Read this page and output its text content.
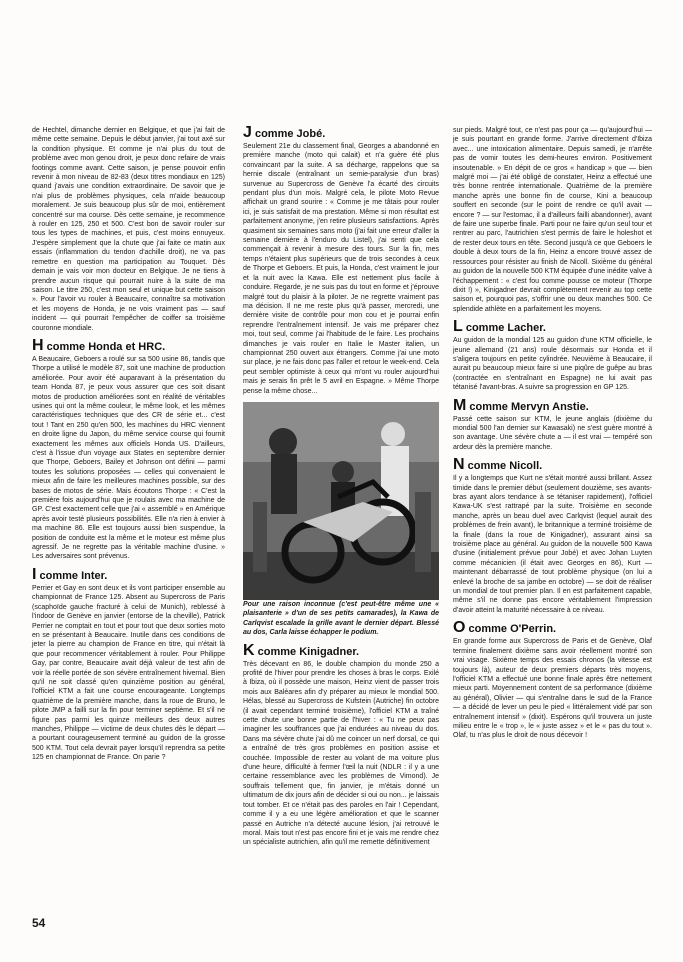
de Hechtel, dimanche dernier en Belgique, et que j'ai fait de même cette semaine. Depuis le début janvier, j'ai tout axé sur la condition physique. Et comme je n'ai plus du tout de problème avec mon genou droit, je peux donc refaire de vrais footings comme avant. Cette saison, je pense pouvoir enfin revenir à mon niveau de 82-83 (deux titres mondiaux en 125) quand j'avais une condition extraordinaire. De savoir que je n'ai plus de problèmes physiques, cela m'aide beaucoup moralement. Je suis beaucoup plus sûr de moi, entièrement concentré sur ma course. Dès cette semaine, je recommence à rouler en 125, 250 et 500. C'est bon de savoir rouler sur tous les types de machines, et puis, c'est moins ennuyeux. J'espère simplement que la chute que j'ai faite ce matin aux essais (inflammation du tendon d'achille droit), ne va pas remettre en question ma participation au Touquet. Dès demain je vais voir mon docteur en Belgique. Je ne tiens à prendre aucun risque qui pourrait nuire à la suite de ma saison. Le titre 250, c'est mon seul et unique but cette saison ». Pour l'avoir vu rouler à Beaucaire, connaître sa motivation et les moyens de Honda, je ne vois vraiment pas — sauf incident — qui pourrait l'empêcher de coiffer sa troisième couronne mondiale.

H comme Honda et HRC.

A Beaucaire, Geboers a roulé sur sa 500 usine 86, tandis que Thorpe a utilisé le modèle 87, soit une machine de production améliorée. Pour avoir été auparavant à la présentation du team Honda 87, je peux vous assurer que ces soit disant motos de production améliorées sont en réalité de véritables usines qui ont la même couleur, le même look, et les mêmes caractéristiques techniques que des CR de série et... c'est tout ! Tant en 250 qu'en 500, les machines du HRC viennent en droite ligne du Japon, du même service course qui fournit exactement les mêmes aux officiels Honda US. D'ailleurs, c'est à l'issue d'un voyage aux States en septembre dernier que Thorpe, Geboers, Bailey et Johnson ont défini — parmi toutes les solutions proposées — celles qui convenaient le mieux afin de faire les meilleures machines possible, sur des bases de motos de série. Mais écoutons Thorpe : « C'est la première fois aujourd'hui que je roulais avec ma machine de GP. C'est exactement celle que j'ai « assemblé » en Amérique après avoir testé plusieurs possibilités. Elle n'a rien à envier à ma machine 86. Elle est toujours aussi bien suspendue, la position de conduite est la même et le moteur est même plus agressif. Je ne regrette pas la véritable machine d'usine. » Les adversaires sont prévenus.

I comme Inter.

Perrier et Gay en sont deux et ils vont participer ensemble au championnat de France 125. Absent au Supercross de Paris (scaphoïde gauche fracturé à celui de Munich), reblessé à l'indoor de Genève en janvier (entorse de la cheville), Patrick Perrier ne comptait en tout et pour tout que deux sorties moto en se présentant à Beaucaire. Inutile dans ces conditions de jeter la pierre au champion de France en titre, qui n'était là que pour recommencer véritablement à rouler. Pour Philippe Gay, par contre, Beaucaire avait déjà valeur de test afin de voir la réelle portée de son sévère entraînement hivernal. Bien qu'il ne soit classé qu'en quinzième position au général, l'officiel KTM a fait une course encourageante. Longtemps quatrième de la première manche, dans la roue de Bruno, le pilote JMP a failli sur la fin pour terminer septième. Et s'il ne figure pas parmi les quinze meilleurs des deux autres manches, Philippe — victime de deux chutes dès le départ — a pourtant courageusement terminé au guidon de la grosse 500 KTM. Tout cela devrait payer lorsqu'il reprendra sa petite 125 en championnat de France. On parie ?

J comme Jobé.

Seulement 21e du classement final, Georges a abandonné en première manche (moto qui calait) et n'a guère été plus convaincant par la suite. A sa décharge, rappelons que sa hernie discale (entraînant un semie-paralysie d'un bras) survenue au Supercross de Genève l'a écarté des circuits pendant plus d'un mois. Malgré cela, le pilote Moto Revue affichait un grand sourire : « Comme je me tâtais pour rouler ici, je suis satisfait de ma prestation. Même si mon résultat est parfaitement anonyme, j'en retire plusieurs satisfactions. Après quasiment six semaines sans moto (j'ai fait une erreur d'aller la semaine dernière à l'enduro du Listel), j'ai senti que cela commençait à revenir à mesure des tours. Sur la fin, mes temps n'étaient plus supérieurs que de trois secondes à ceux de Thorpe et Geboers. Et puis, la Honda, c'est vraiment le jour et la nuit avec la Kawa. Elle est nettement plus facile à conduire. Regarde, je ne suis pas du tout en forme et j'éprouve malgré tout du plaisir à la piloter. Je ne regrette vraiment pas ma décision. Il ne me reste plus qu'à passer, mercredi, une dernière visite de contrôle pour mon cou et je pourrai enfin reprendre l'entraînement intensif. Je vais me préparer chez moi, tout seul, comme j'ai l'habitude de le faire. Les prochains dimanches je vais rouler en Italie le Master italien, un championnat 250 ouvert aux étrangers. Comme j'ai une moto sur place, je ne fais donc pas l'aller et retour le week-end. Cela peut sembler optimiste à ceux qui m'ont vu rouler aujourd'hui mais je serais fin prêt le 5 avril en Espagne. » Même Thorpe pense la même chose...

Pour une raison inconnue (c'est peut-être même une « plaisanterie » d'un de ses petits camarades), la Kawa de Carlqvist escalade la grille avant le dernier départ. Blessé au dos, Carla laisse échapper le podium.

K comme Kinigadner.

Très décevant en 86, le double champion du monde 250 a profité de l'hiver pour prendre les choses à bras le corps. Exilé à Ibiza, où il possède une maison, Heinz vient de passer trois mois aux Baléares afin d'y préparer au mieux le mondial 500. Hélas, blessé au Supercross de Kufstein (Autriche) fin octobre (il avait cependant terminé troisième), l'officiel KTM a traîné cette chute une bonne partie de l'hiver : « Tu ne peux pas imaginer les souffrances que j'ai endurées au niveau du dos. Dans ma sévère chute j'ai dû me coincer un nerf dorsal, ce qui a entraîné de très gros problèmes en position assise et couchée. Impossible de rester au volant de ma voiture plus d'une heure, difficulté à fermer l'œil la nuit (NDLR : il y a une certaine ressemblance avec les problèmes de Vimond). Je souffrais tellement que, fin janvier, je m'étais donné un ultimatum de dix jours afin de décider si oui ou non... je laissais tout tomber. Et ce n'était pas des paroles en l'air ! Cependant, comme il y a eu une légère amélioration et que le scanner passé en Autriche n'a détecté aucune lésion, j'ai retrouvé le moral. Mais tout n'est pas encore fini et je vais me rendre chez un spécialiste autrichien, afin qu'il me remette définitivement

sur pieds. Malgré tout, ce n'est pas pour ça — qu'aujourd'hui — je suis pourtant en grande forme. J'arrive directement d'Ibiza avec... une intoxication alimentaire. Depuis samedi, je n'arrête pas de vomir toutes les demi-heures environ. Positivement insoutenable. » En dépit de ce gros « handicap » que — bien malgré moi — j'ai été obligé de constater, Heinz a effectué une très bonne rentrée internationale. Quatrième de la première manche après une bonne fin de course, Kini a beaucoup souffert en seconde (sur le point de rendre ce qu'il avait — encore ? — sur l'estomac, il a d'ailleurs failli abandonner), avant de faire une superbe finale. Parti pour ne faire qu'un seul tour et rentrer au parc, l'autrichien s'est permis de faire le holeshot et de rester deux tours en tête. Second jusqu'à ce que Geboers le double à deux tours de la fin, Heinz a encore trouvé assez de ressources pour résister au finish de Nicoll. Sixième du général au guidon de la nouvelle 500 KTM équipée d'une inédite valve à l'échappement : « c'est fou comme pousse ce moteur (Thorpe dixit !) », Kinigadner devrait complètement revenir au top cette saison et, pourquoi pas, s'offrir une ou deux manches 500. Ce splendide athlète en a parfaitement les moyens.

L comme Lacher.

Au guidon de la mondial 125 au guidon d'une KTM officielle, le jeune allemand (21 ans) roule désormais sur Honda et il s'aligera toujours en petite cylindrée. Neuvième à Beaucaire, il aurait pu beaucoup mieux faire si une piqûre de guêpe au bras (contractée en s'entraînant en Espagne) ne lui avait pas tétanisé l'avant-bras. A suivre sa progression en GP 125.

M comme Mervyn Anstie.

Passé cette saison sur KTM, le jeune anglais (dixième du mondial 500 l'an dernier sur Kawasaki) ne s'est guère montré à son avantage. Une sévère chute a — il est vrai — tempéré son ardeur dès la première manche.

N comme Nicoll.

Il y a longtemps que Kurt ne s'était montré aussi brillant. Assez timide dans le premier début (seulement douzième, ses avants-bras ayant alors tendance à se tétaniser rapidement), l'officiel Kawa-UK s'est rattrapé par la suite. Troisième en seconde manche, après un beau duel avec Carlqvist (lequel aurait des problèmes de frein avant), le britannique a terminé troisième de la finale (dans la roue de Kinigadner), assurant ainsi sa troisième place au général. Au guidon de la nouvelle 500 Kawa d'usine (initialement prévue pour Jobé) et avec Johan Luyten comme mécanicien (il était avec Georges en 86), Kurt — maintenant débarrassé de tout problème physique (on lui a enlevé la broche de sa jambe en octobre) — se doit de réaliser un mondial de tout premier plan. Il en est parfaitement capable, même s'il ne donne pas encore véritablement l'impression d'avoir atteint la maturité nécessaire à ce niveau.

O comme O'Perrin.

En grande forme aux Supercross de Paris et de Genève, Olaf termine finalement dixième sans avoir réellement montré son vrai visage. Sixième temps des essais chronos (la vitesse est toujours là), auteur de deux premiers départs très moyens, l'officiel KTM a effectué une bonne finale après être nettement mieux parti. Moyennement content de sa performance (dixième au général), Olivier — qui s'entraîne dans le sud de la France — a décidé de lever un peu le pied « littéralement vidé par son entraînement intensif » (dixit). Espérons qu'il trouvera un juste milieu entre le « trop », le « juste assez » et le « pas du tout ». Olaf, tu n'as plus le droit de nous décevoir !

54
